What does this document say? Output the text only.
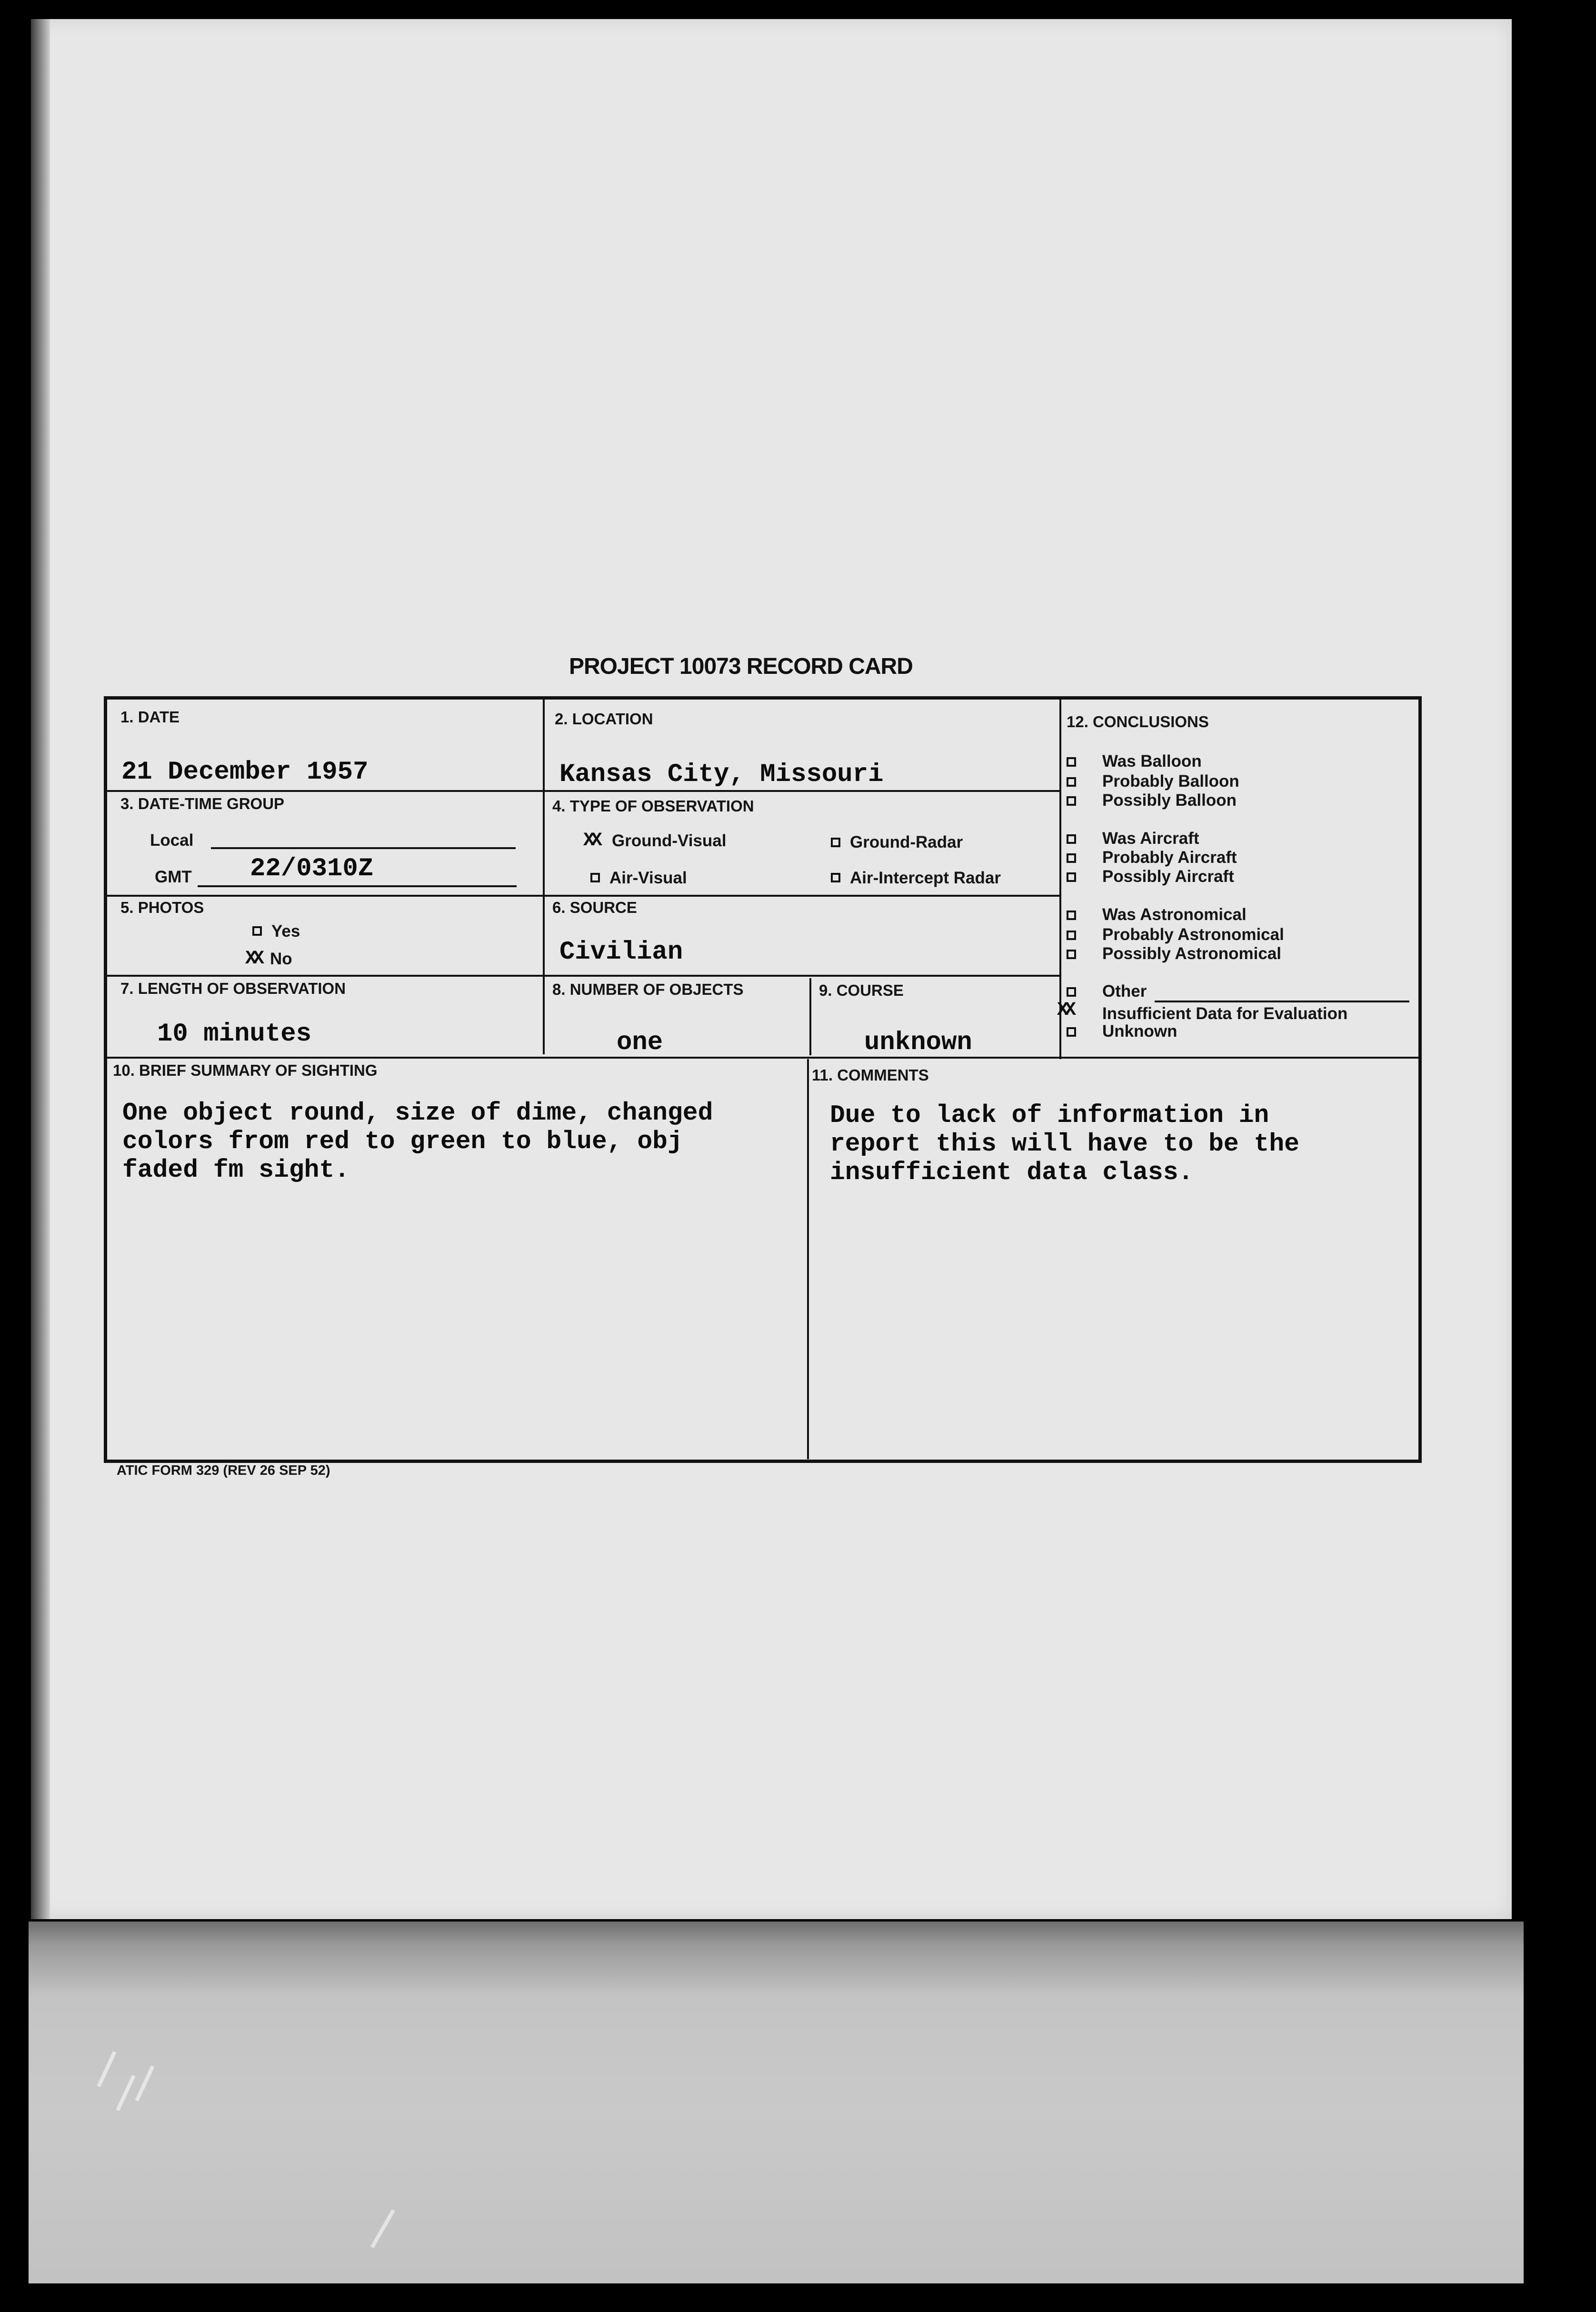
PROJECT 10073 RECORD CARD
1. DATE
21 December 1957
2. LOCATION
Kansas City, Missouri
3. DATE-TIME GROUP
Local
GMT 22/0310Z
4. TYPE OF OBSERVATION
XX Ground-Visual	Ground-Radar
Air-Visual	Air-Intercept Radar
5. PHOTOS
Yes
XX No
6. SOURCE
Civilian
7. LENGTH OF OBSERVATION
10 minutes
8. NUMBER OF OBJECTS
one
9. COURSE
unknown
10. BRIEF SUMMARY OF SIGHTING
One object round, size of dime, changed
colors from red to green to blue, obj
faded fm sight.
11. COMMENTS
Due to lack of information in
report this will have to be the
insufficient data class.
12. CONCLUSIONS
Was Balloon
Probably Balloon
Possibly Balloon
Was Aircraft
Probably Aircraft
Possibly Aircraft
Was Astronomical
Probably Astronomical
Possibly Astronomical
Other
XX Insufficient Data for Evaluation
Unknown
ATIC FORM 329 (REV 26 SEP 52)
